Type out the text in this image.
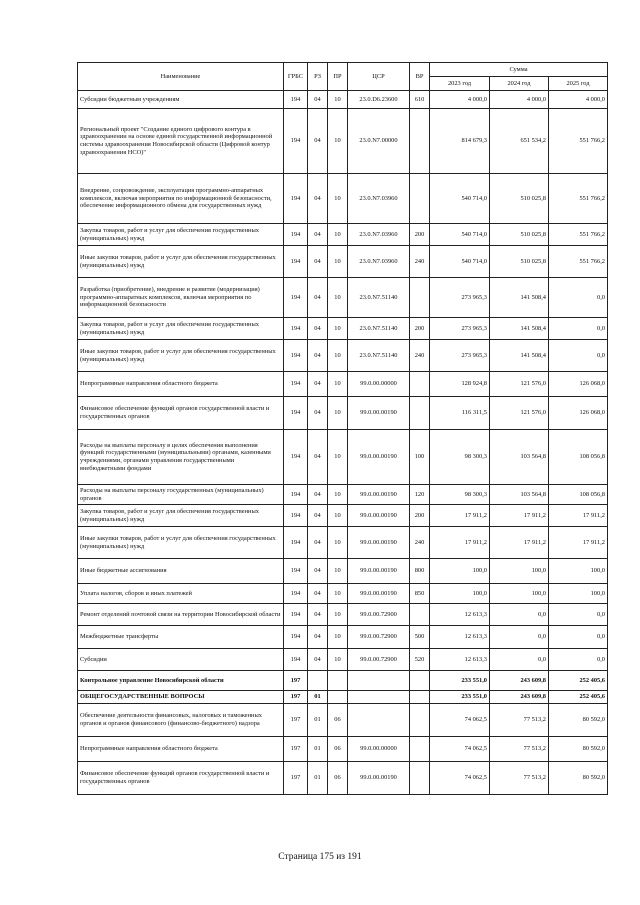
Наименование	ГРБС	РЗ	ПР	ЦСР	ВР	Сумма		
						2023 год	2024 год	2025 год
Субсидии бюджетным учреждениям	194	04	10	23.0.D6.23600	610	4 000,0	4 000,0	4 000,0
Региональный проект "Создание единого цифрового контура в здравоохранении на основе единой государственной информационной системы здравоохранения Новосибирской области (Цифровой контур здравоохранения НСО)"	194	04	10	23.0.N7.00000		814 679,3	651 534,2	551 766,2
Внедрение, сопровождение, эксплуатация программно-аппаратных комплексов, включая мероприятия по информационной безопасности, обеспечение информационного обмена для государственных нужд	194	04	10	23.0.N7.03960		540 714,0	510 025,8	551 766,2
Закупка товаров, работ и услуг для обеспечения государственных (муниципальных) нужд	194	04	10	23.0.N7.03960	200	540 714,0	510 025,8	551 766,2
Иные закупки товаров, работ и услуг для обеспечения государственных (муниципальных) нужд	194	04	10	23.0.N7.03960	240	540 714,0	510 025,8	551 766,2
Разработка (приобретение), внедрение и развитие (модернизация) программно-аппаратных комплексов, включая мероприятия по информационной безопасности	194	04	10	23.0.N7.51140		273 965,3	141 508,4	0,0
Закупка товаров, работ и услуг для обеспечения государственных (муниципальных) нужд	194	04	10	23.0.N7.51140	200	273 965,3	141 508,4	0,0
Иные закупки товаров, работ и услуг для обеспечения государственных (муниципальных) нужд	194	04	10	23.0.N7.51140	240	273 965,3	141 508,4	0,0
Непрограммные направления областного бюджета	194	04	10	99.0.00.00000		128 924,8	121 576,0	126 068,0
Финансовое обеспечение функций органов государственной власти и государственных органов	194	04	10	99.0.00.00190		116 311,5	121 576,0	126 068,0
Расходы на выплаты персоналу в целях обеспечения выполнения функций государственными (муниципальными) органами, казенными учреждениями, органами управления государственными внебюджетными фондами	194	04	10	99.0.00.00190	100	98 300,3	103 564,8	108 056,8
Расходы на выплаты персоналу государственных (муниципальных) органов	194	04	10	99.0.00.00190	120	98 300,3	103 564,8	108 056,8
Закупка товаров, работ и услуг для обеспечения государственных (муниципальных) нужд	194	04	10	99.0.00.00190	200	17 911,2	17 911,2	17 911,2
Иные закупки товаров, работ и услуг для обеспечения государственных (муниципальных) нужд	194	04	10	99.0.00.00190	240	17 911,2	17 911,2	17 911,2
Иные бюджетные ассигнования	194	04	10	99.0.00.00190	800	100,0	100,0	100,0
Уплата налогов, сборов и иных платежей	194	04	10	99.0.00.00190	850	100,0	100,0	100,0
Ремонт отделений почтовой связи на территории Новосибирской области	194	04	10	99.0.00.72900		12 613,3	0,0	0,0
Межбюджетные трансферты	194	04	10	99.0.00.72900	500	12 613,3	0,0	0,0
Субсидии	194	04	10	99.0.00.72900	520	12 613,3	0,0	0,0
Контрольное управление Новосибирской области	197					233 551,0	243 609,8	252 405,6
ОБЩЕГОСУДАРСТВЕННЫЕ ВОПРОСЫ	197	01				233 551,0	243 609,8	252 405,6
Обеспечение деятельности финансовых, налоговых и таможенных органов и органов финансового (финансово-бюджетного) надзора	197	01	06			74 062,5	77 513,2	80 592,0
Непрограммные направления областного бюджета	197	01	06	99.0.00.00000		74 062,5	77 513,2	80 592,0
Финансовое обеспечение функций органов государственной власти и государственных органов	197	01	06	99.0.00.00190		74 062,5	77 513,2	80 592,0
Страница 175 из 191
